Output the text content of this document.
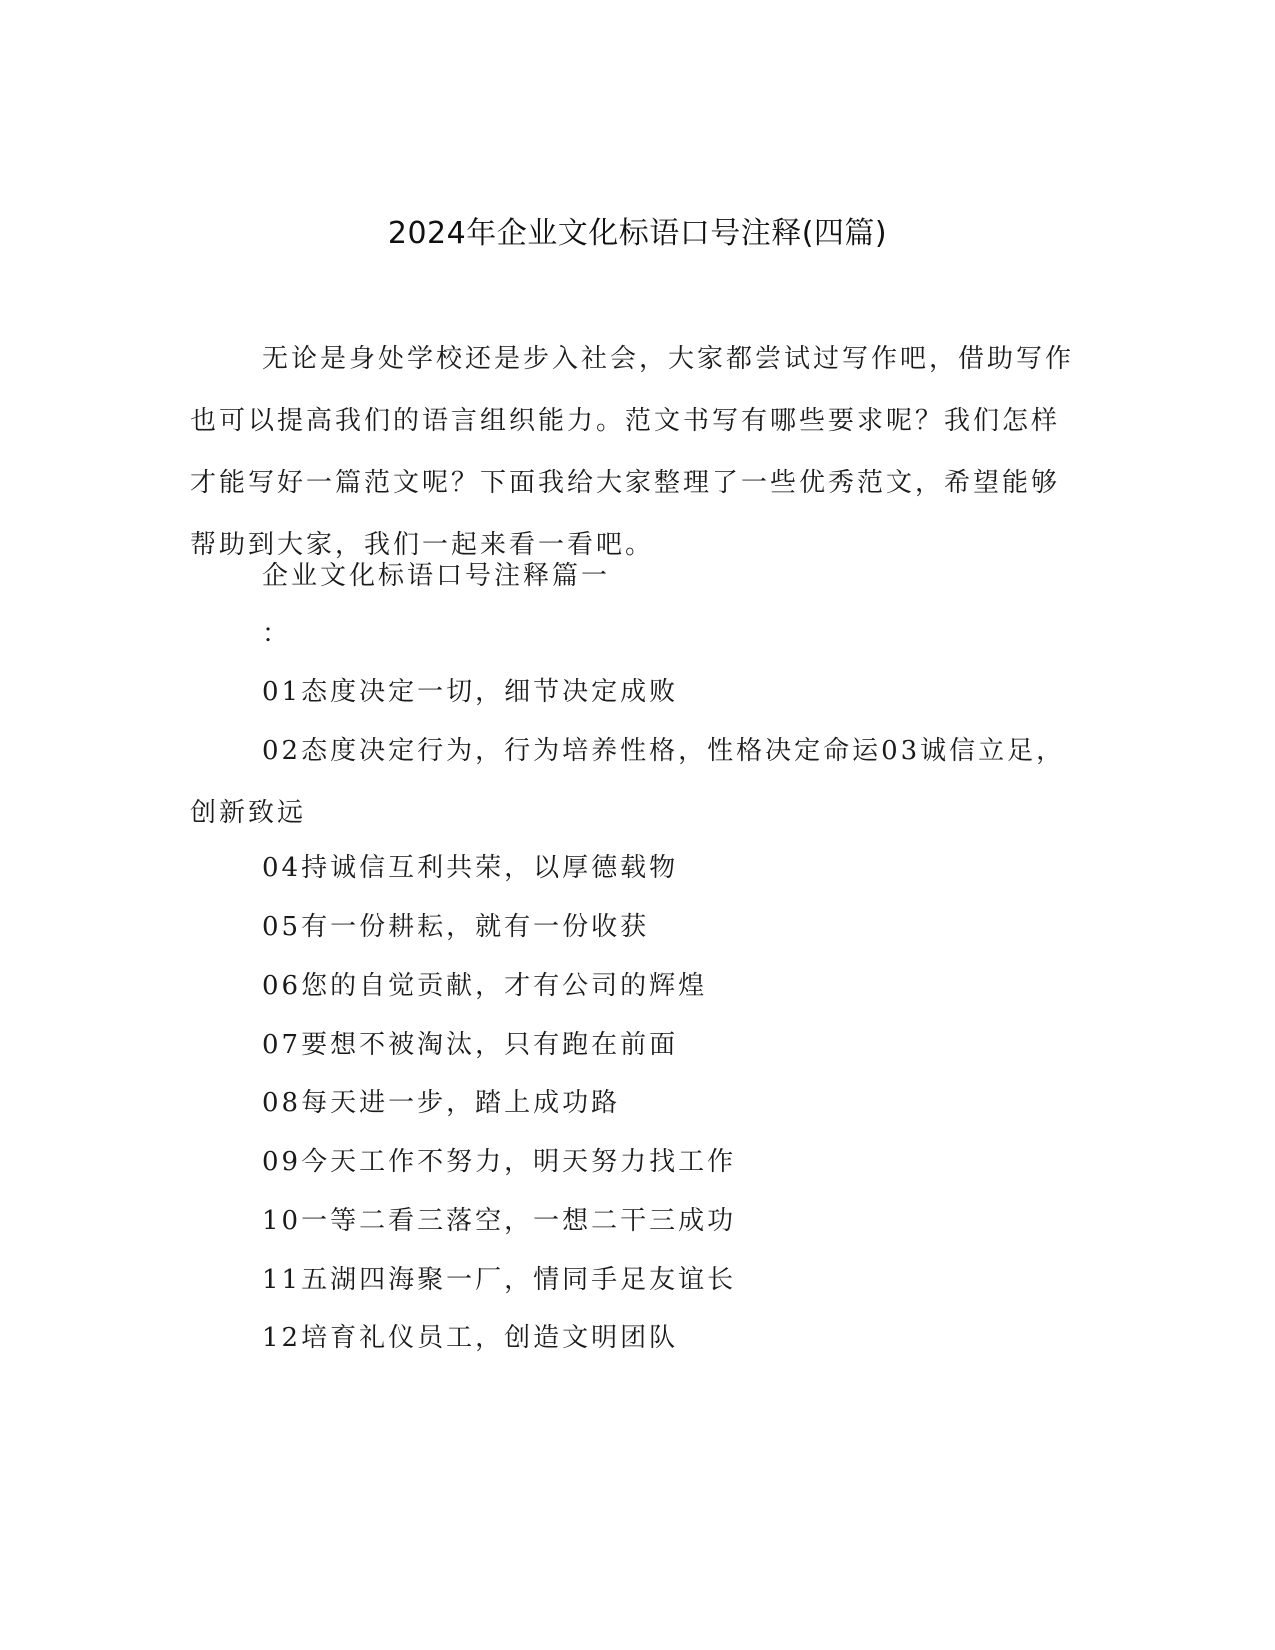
2024年企业文化标语口号注释(四篇)
无论是身处学校还是步入社会，大家都尝试过写作吧，借助写作也可以提高我们的语言组织能力。范文书写有哪些要求呢？我们怎样才能写好一篇范文呢？下面我给大家整理了一些优秀范文，希望能够帮助到大家，我们一起来看一看吧。
企业文化标语口号注释篇一
：
01态度决定一切，细节决定成败
02态度决定行为，行为培养性格，性格决定命运03诚信立足，创新致远
04持诚信互利共荣，以厚德载物
05有一份耕耘，就有一份收获
06您的自觉贡献，才有公司的辉煌
07要想不被淘汰，只有跑在前面
08每天进一步，踏上成功路
09今天工作不努力，明天努力找工作
10一等二看三落空，一想二干三成功
11五湖四海聚一厂，情同手足友谊长
12培育礼仪员工，创造文明团队
